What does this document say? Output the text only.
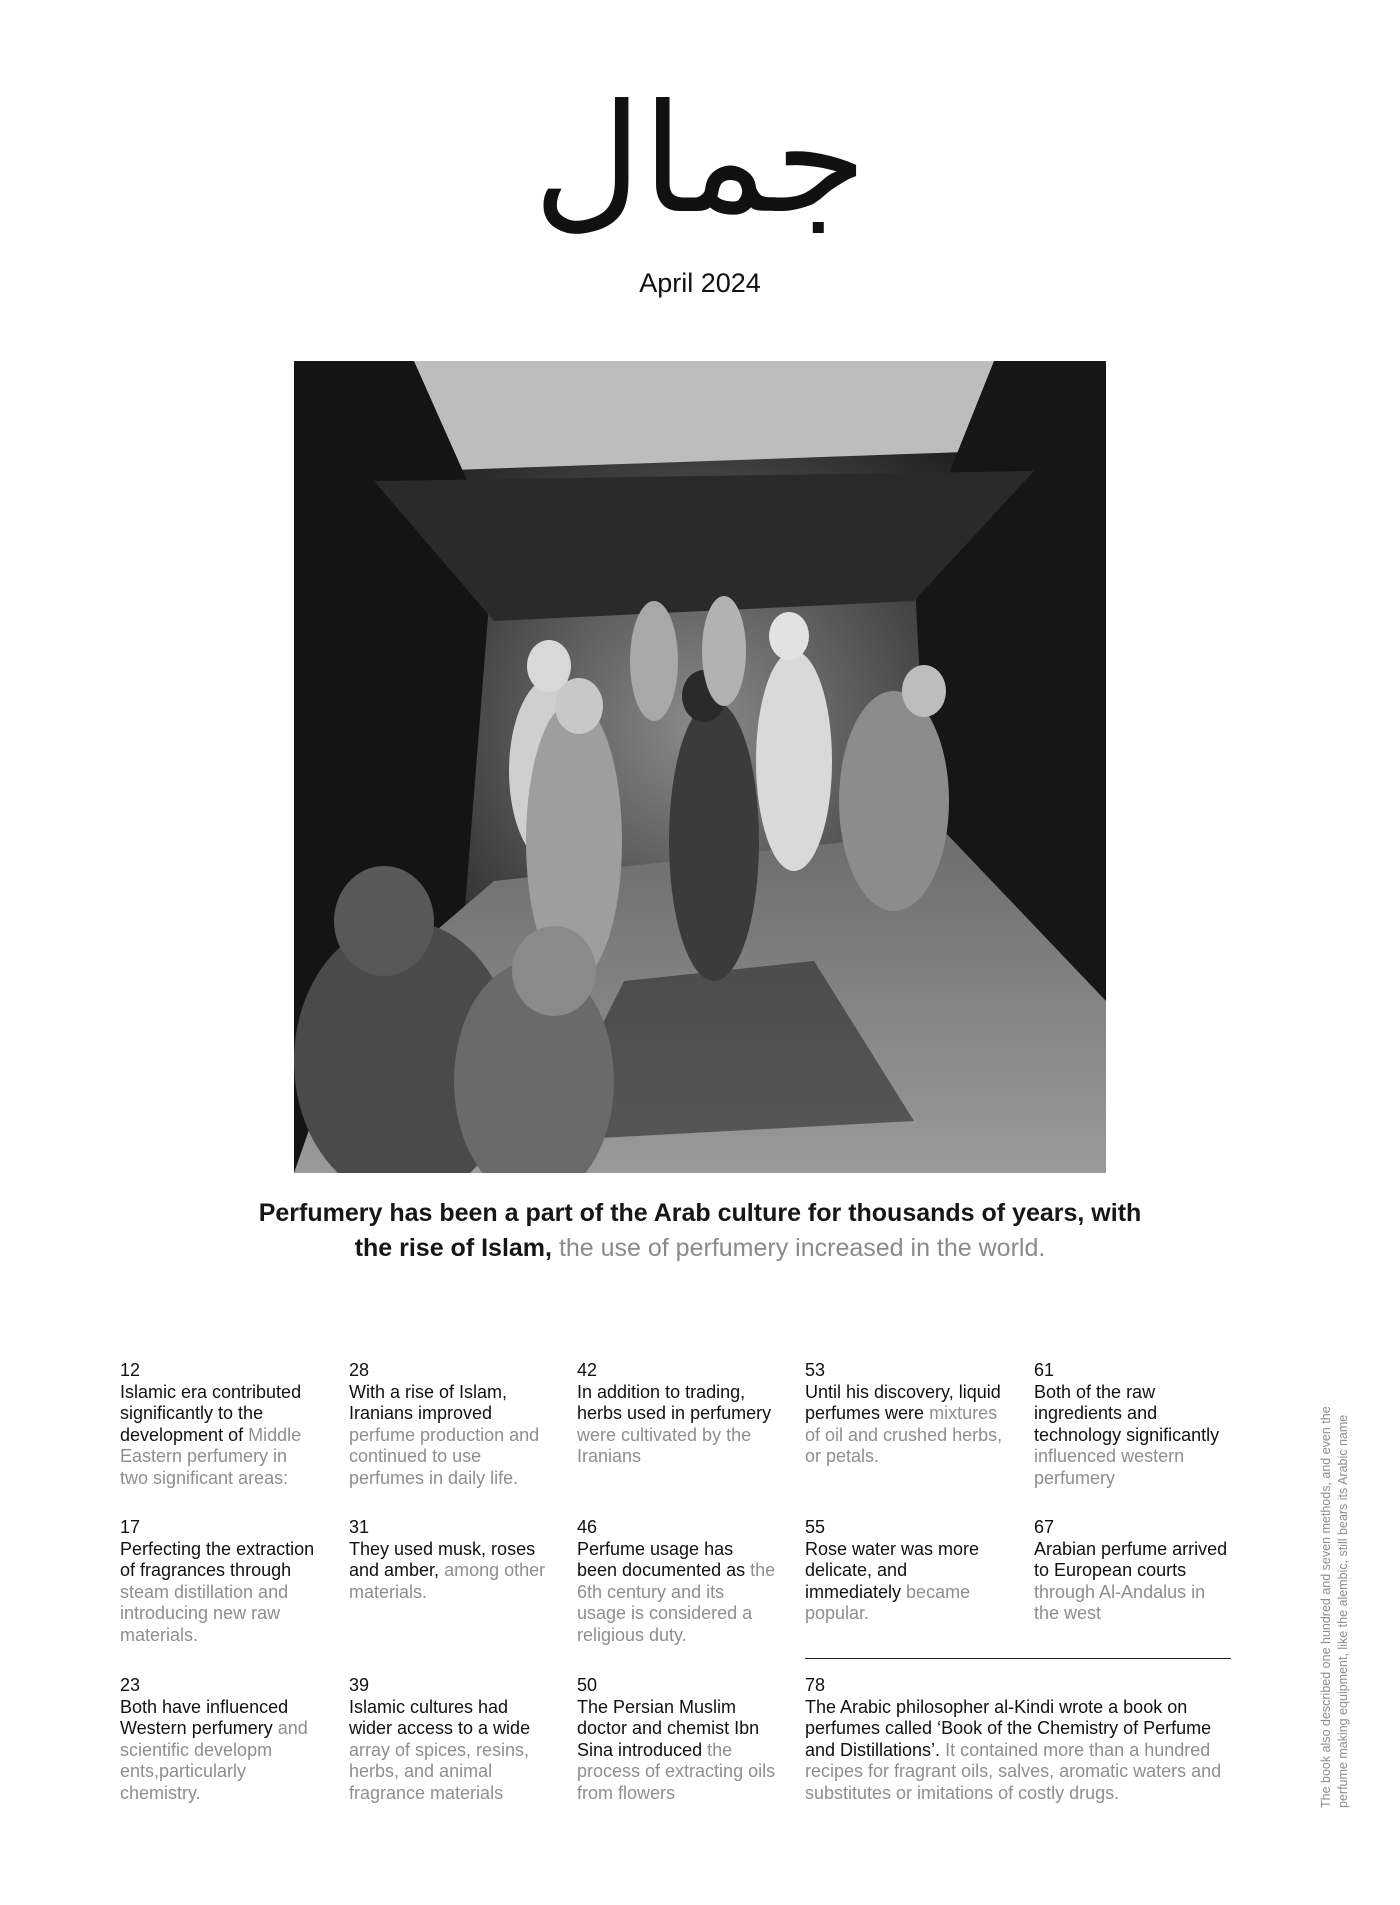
جمال
April 2024
Perfumery has been a part of the Arab culture for thousands of years, with the rise of Islam, the use of perfumery increased in the world.
12
Islamic era contributed significantly to the development of Middle Eastern perfumery in two significant areas:
28
With a rise of Islam, Iranians improved perfume production and continued to use perfumes in daily life.
42
In addition to trading, herbs used in perfumery were cultivated by the Iranians
53
Until his discovery, liquid perfumes were mixtures of oil and crushed herbs, or petals.
61
Both of the raw ingredients and technology significantly influenced western perfumery
17
Perfecting the extraction of fragrances through steam distillation and introducing new raw materials.
31
They used musk, roses and amber, among other materials.
46
Perfume usage has been documented as the 6th century and its usage is considered a religious duty.
55
Rose water was more delicate, and immediately became popular.
67
Arabian perfume arrived to European courts through Al-Andalus in the west
23
Both have influenced Western perfumery and scientific developm ents,particularly chemistry.
39
Islamic cultures had wider access to a wide array of spices, resins, herbs, and animal fragrance materials
50
The Persian Muslim doctor and chemist Ibn Sina introduced the process of extracting oils from flowers
78
The Arabic philosopher al-Kindi wrote a book on perfumes called ‘Book of the Chemistry of Perfume and Distillations’. It contained more than a hundred recipes for fragrant oils, salves, aromatic waters and substitutes or imitations of costly drugs.	The book also described one hundred and seven methods, and even the perfume making equipment, like the alembic, still bears its Arabic name
